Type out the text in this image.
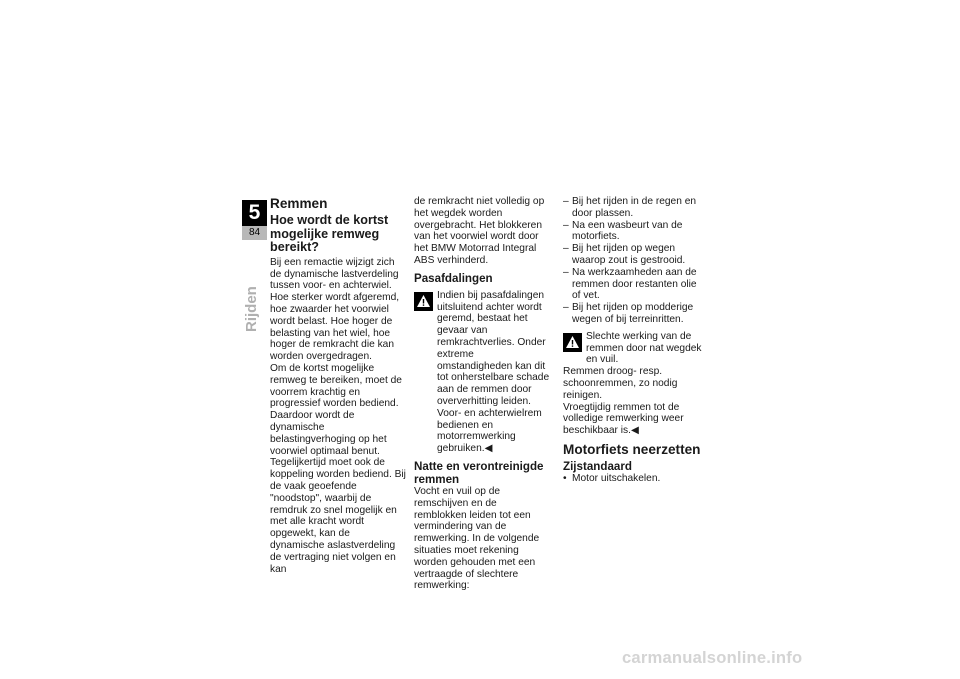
5
84
Rijden
Remmen
Hoe wordt de kortst mogelijke remweg bereikt?

Bij een remactie wijzigt zich de dynamische lastverdeling tussen voor- en achterwiel. Hoe sterker wordt afgeremd, hoe zwaarder het voorwiel wordt belast. Hoe hoger de belasting van het wiel, hoe hoger de remkracht die kan worden overgedragen.

Om de kortst mogelijke remweg te bereiken, moet de voorrem krachtig en progressief worden bediend. Daardoor wordt de dynamische belastingverhoging op het voorwiel optimaal benut. Tegelijkertijd moet ook de koppeling worden bediend. Bij de vaak geoefende "noodstop", waarbij de remdruk zo snel mogelijk en met alle kracht wordt opgewekt, kan de dynamische aslastverdeling de vertraging niet volgen en kan

de remkracht niet volledig op het wegdek worden overgebracht. Het blokkeren van het voorwiel wordt door het BMW Motorrad Integral ABS verhinderd.

Pasafdalingen

Indien bij pasafdalingen uitsluitend achter wordt geremd, bestaat het gevaar van remkrachtverlies. Onder extreme omstandigheden kan dit tot onherstelbare schade aan de remmen door oververhitting leiden. Voor- en achterwielrem bedienen en motorremwerking gebruiken.◀

Natte en verontreinigde remmen

Vocht en vuil op de remschijven en de remblokken leiden tot een vermindering van de remwerking. In de volgende situaties moet rekening worden gehouden met een vertraagde of slechtere remwerking:

– Bij het rijden in de regen en door plassen.
– Na een wasbeurt van de motorfiets.
– Bij het rijden op wegen waarop zout is gestrooid.
– Na werkzaamheden aan de remmen door restanten olie of vet.
– Bij het rijden op modderige wegen of bij terreinritten.

Slechte werking van de remmen door nat wegdek en vuil.

Remmen droog- resp. schoonremmen, zo nodig reinigen.

Vroegtijdig remmen tot de volledige remwerking weer beschikbaar is.◀

Motorfiets neerzetten
Zijstandaard
• Motor uitschakelen.
carmanualsonline.info
